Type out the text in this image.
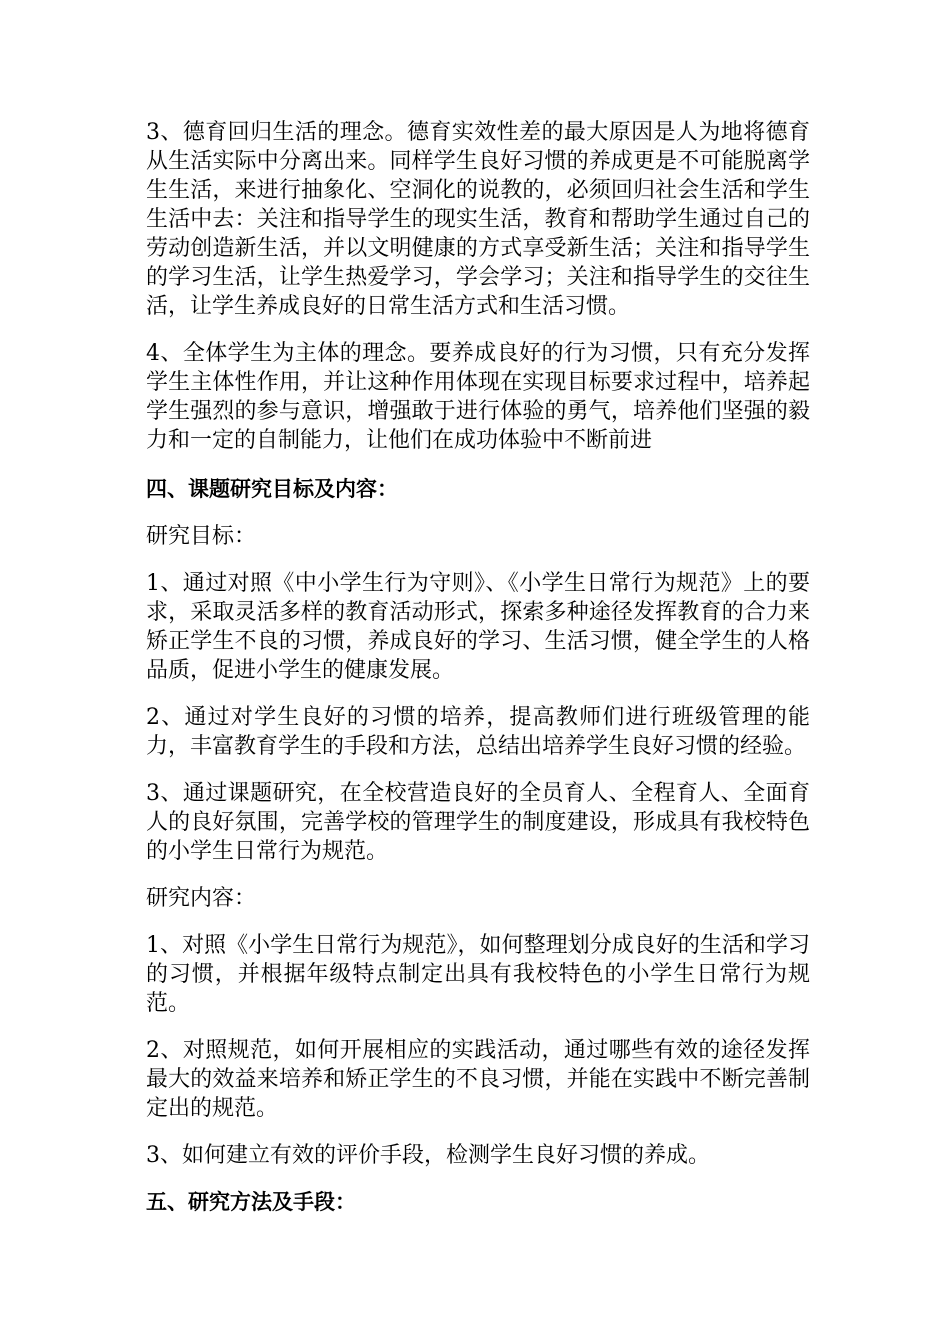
3、德育回归生活的理念。德育实效性差的最大原因是人为地将德育从生活实际中分离出来。同样学生良好习惯的养成更是不可能脱离学生生活，来进行抽象化、空洞化的说教的，必须回归社会生活和学生生活中去：关注和指导学生的现实生活，教育和帮助学生通过自己的劳动创造新生活，并以文明健康的方式享受新生活；关注和指导学生的学习生活，让学生热爱学习，学会学习；关注和指导学生的交往生活，让学生养成良好的日常生活方式和生活习惯。

4、全体学生为主体的理念。要养成良好的行为习惯，只有充分发挥学生主体性作用，并让这种作用体现在实现目标要求过程中，培养起学生强烈的参与意识，增强敢于进行体验的勇气，培养他们坚强的毅力和一定的自制能力，让他们在成功体验中不断前进

四、课题研究目标及内容：

研究目标：

1、通过对照《中小学生行为守则》、《小学生日常行为规范》上的要求，采取灵活多样的教育活动形式，探索多种途径发挥教育的合力来矫正学生不良的习惯，养成良好的学习、生活习惯，健全学生的人格品质，促进小学生的健康发展。

2、通过对学生良好的习惯的培养，提高教师们进行班级管理的能力，丰富教育学生的手段和方法，总结出培养学生良好习惯的经验。

3、通过课题研究，在全校营造良好的全员育人、全程育人、全面育人的良好氛围，完善学校的管理学生的制度建设，形成具有我校特色的小学生日常行为规范。

研究内容：

1、对照《小学生日常行为规范》，如何整理划分成良好的生活和学习的习惯，并根据年级特点制定出具有我校特色的小学生日常行为规范。

2、对照规范，如何开展相应的实践活动，通过哪些有效的途径发挥最大的效益来培养和矫正学生的不良习惯，并能在实践中不断完善制定出的规范。

3、如何建立有效的评价手段，检测学生良好习惯的养成。

五、研究方法及手段：
